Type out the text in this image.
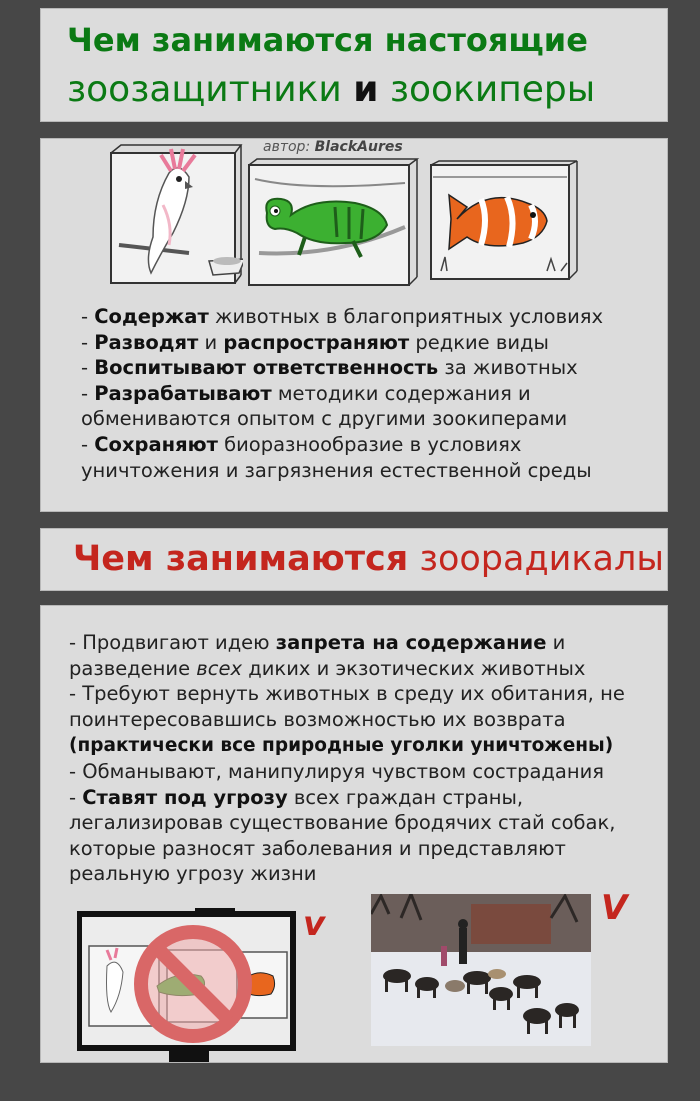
Чем занимаются настоящие
зоозащитники и зоокиперы
автор: BlackAures
- Содержат животных в благоприятных условиях
- Разводят и распространяют редкие виды
- Воспитывают ответственность за животных
- Разрабатывают методики содержания и обмениваются опытом с другими зоокиперами
- Сохраняют биоразнообразие в условиях уничтожения и загрязнения естественной среды
Чем занимаются зоорадикалы
- Продвигают идею запрета на содержание и разведение всех диких и экзотических животных
- Требуют вернуть животных в среду их обитания, не поинтересовавшись возможностью их возврата
(практически все природные уголки уничтожены)
- Обманывают, манипулируя чувством сострадания
- Ставят под угрозу всех граждан страны, легализировав существование бродячих стай собак, которые разносят заболевания и представляют реальную угрозу жизни
v	V
